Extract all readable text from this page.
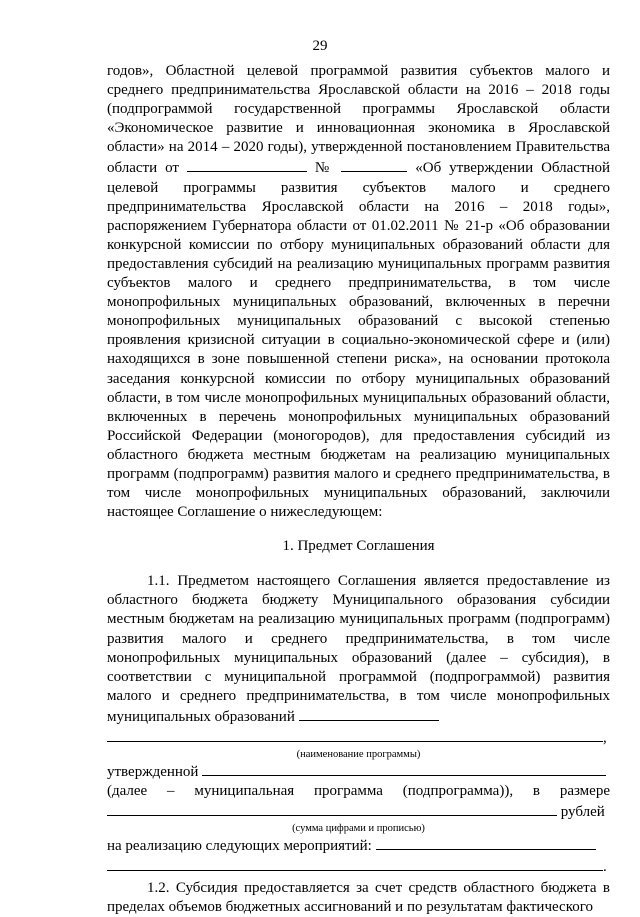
29

годов», Областной целевой программой развития субъектов малого и среднего предпринимательства Ярославской области на 2016 – 2018 годы (подпрограммой государственной программы Ярославской области «Экономическое развитие и инновационная экономика в Ярославской области» на 2014 – 2020 годы), утвержденной постановлением Правительства области от	№	«Об утверждении Областной целевой программы развития субъектов малого и среднего предпринимательства Ярославской области на 2016 – 2018 годы», распоряжением Губернатора области от 01.02.2011 № 21-р «Об образовании конкурсной комиссии по отбору муниципальных образований области для предоставления субсидий на реализацию муниципальных программ развития субъектов малого и среднего предпринимательства, в том числе монопрофильных муниципальных образований, включенных в перечни монопрофильных муниципальных образований с высокой степенью проявления кризисной ситуации в социально-экономической сфере и (или) находящихся в зоне повышенной степени риска», на основании протокола заседания конкурсной комиссии по отбору муниципальных образований области, в том числе монопрофильных муниципальных образований области, включенных в перечень монопрофильных муниципальных образований Российской Федерации (моногородов), для предоставления субсидий из областного бюджета местным бюджетам на реализацию муниципальных программ (подпрограмм) развития малого и среднего предпринимательства, в том числе монопрофильных муниципальных образований, заключили настоящее Соглашение о нижеследующем:

1. Предмет Соглашения

1.1. Предметом настоящего Соглашения является предоставление из областного бюджета бюджету Муниципального образования субсидии местным бюджетам на реализацию муниципальных программ (подпрограмм) развития малого и среднего предпринимательства, в том числе монопрофильных муниципальных образований (далее – субсидия), в соответствии с муниципальной программой (подпрограммой) развития малого и среднего предпринимательства, в том числе монопрофильных муниципальных образований

,
(наименование программы)
утвержденной
(далее – муниципальная программа (подпрограмма)), в размере
рублей
(сумма цифрами и прописью)
на реализацию следующих мероприятий:
.

1.2. Субсидия предоставляется за счет средств областного бюджета в пределах объемов бюджетных ассигнований и по результатам фактического
